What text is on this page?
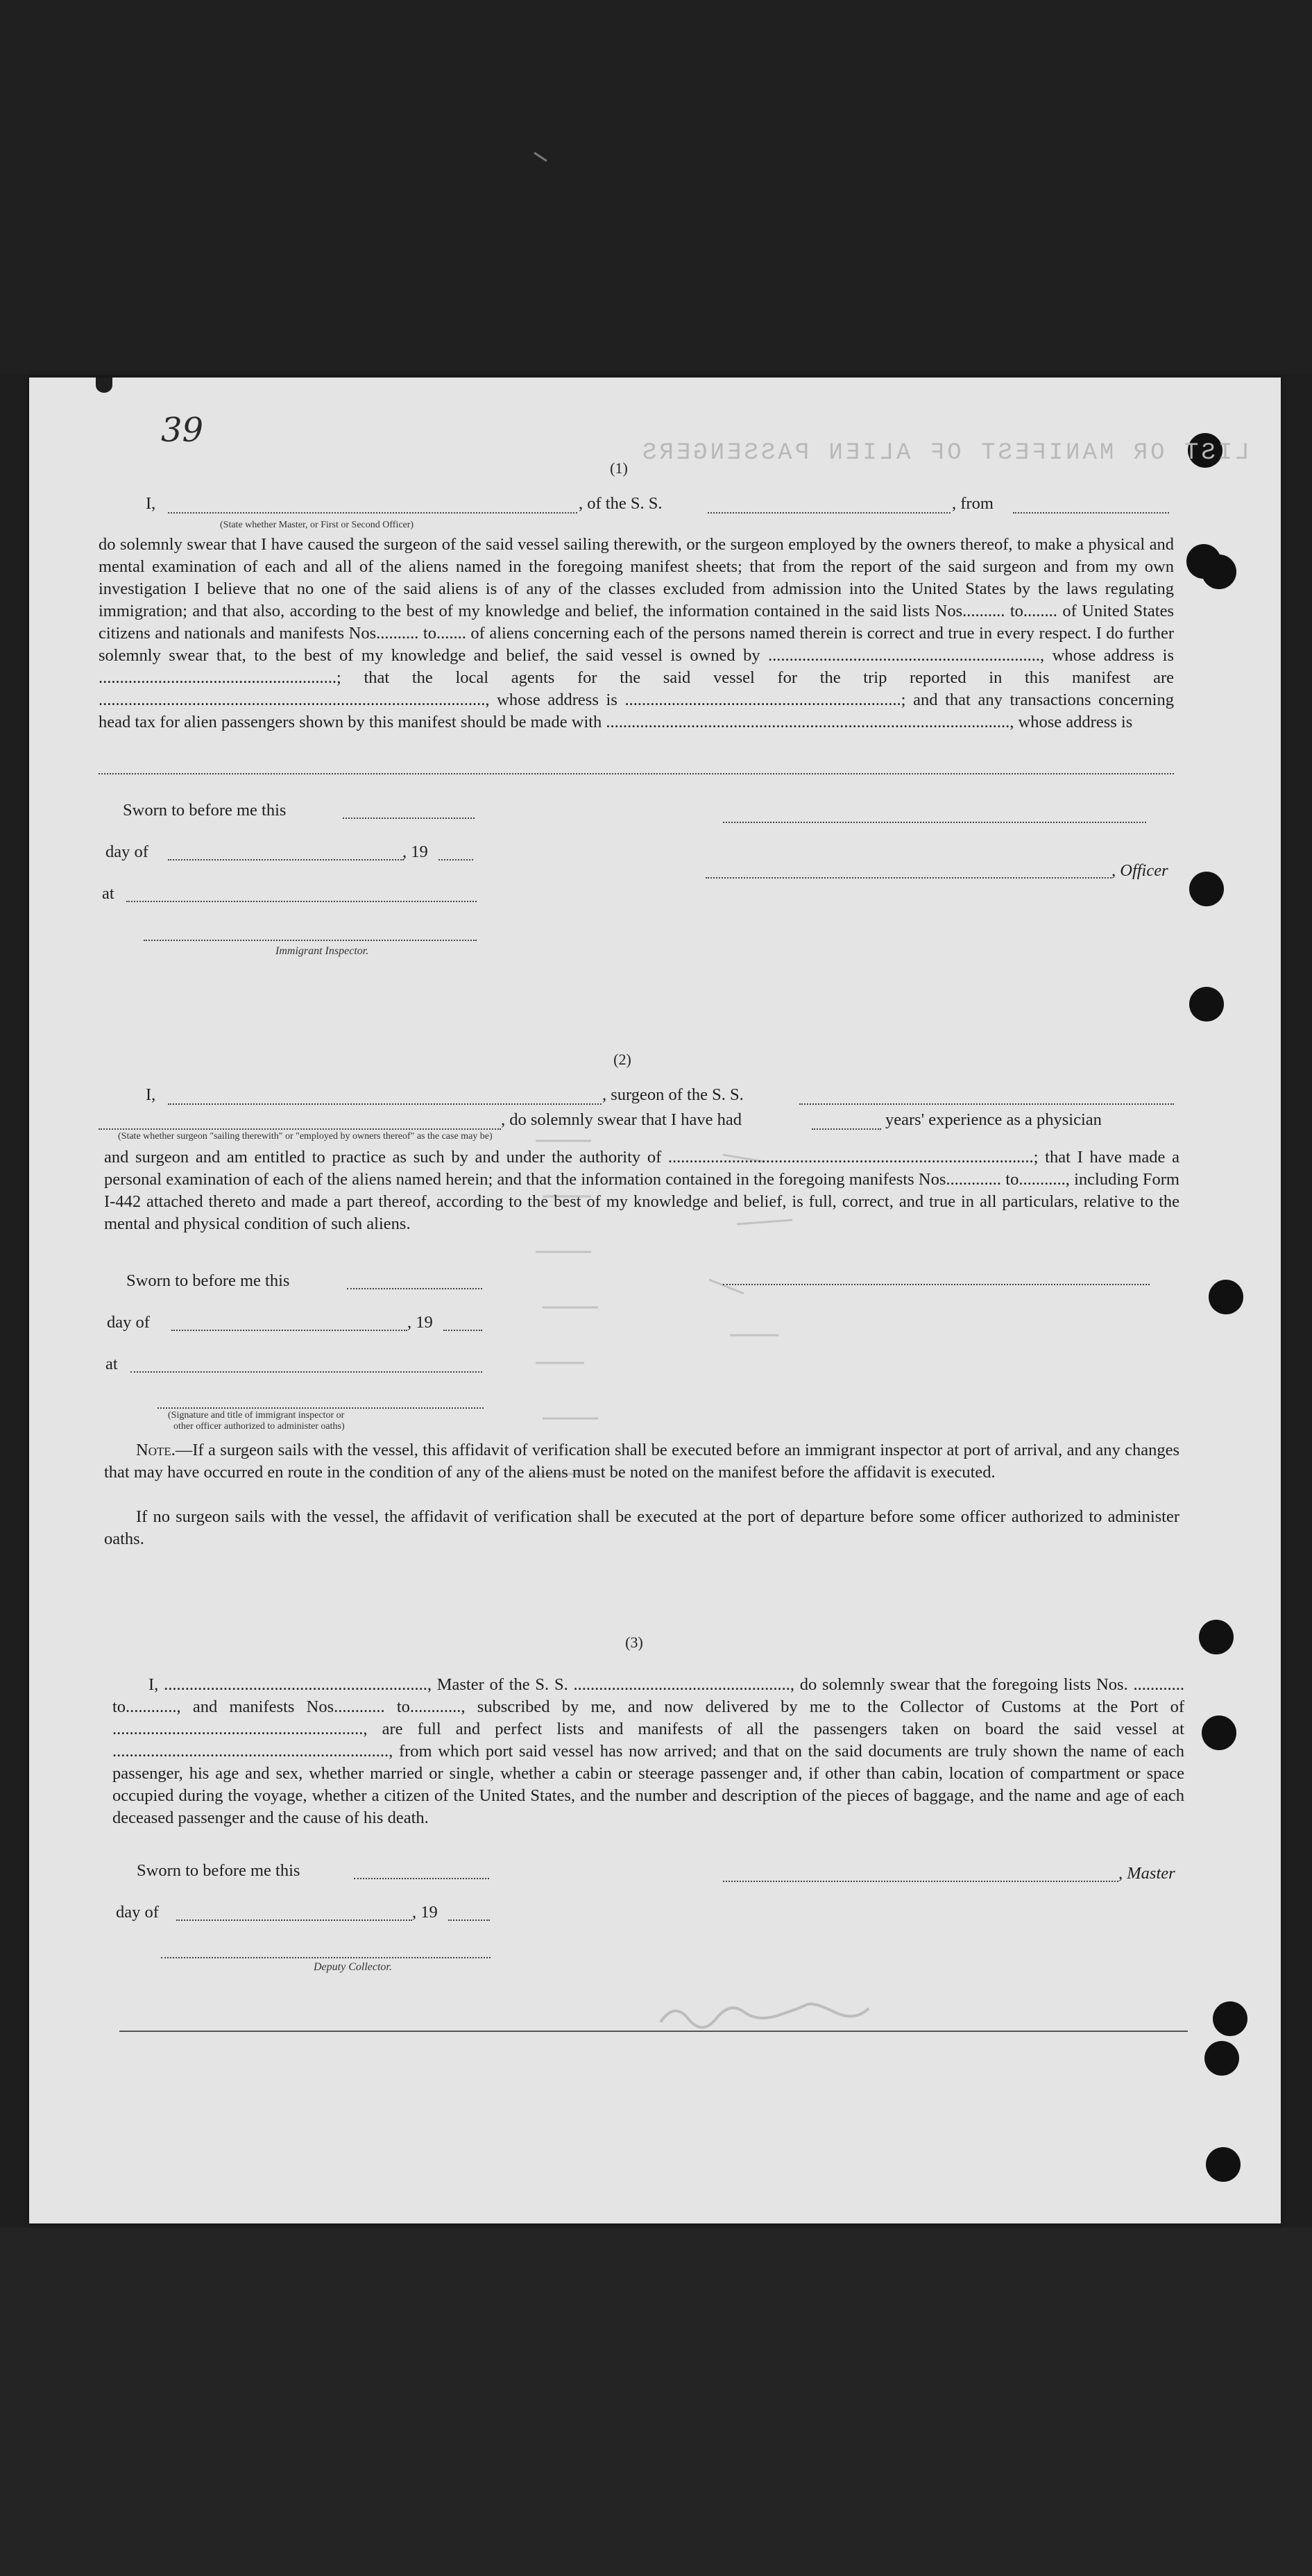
LIST OR MANIFEST OF ALIEN PASSENGERS
39
(1)
I,	, of the S. S.	, from
(State whether Master, or First or Second Officer)
do solemnly swear that I have caused the surgeon of the said vessel sailing therewith, or the surgeon employed by the owners thereof, to make a physical and mental examination of each and all of the aliens named in the foregoing manifest sheets; that from the report of the said surgeon and from my own investigation I believe that no one of the said aliens is of any of the classes excluded from admission into the United States by the laws regulating immigration; and that also, according to the best of my knowledge and belief, the information contained in the said lists Nos.......... to........ of United States citizens and nationals and manifests Nos.......... to....... of aliens concerning each of the persons named therein is correct and true in every respect. I do further solemnly swear that, to the best of my knowledge and belief, the said vessel is owned by ................................................................, whose address is ........................................................; that the local agents for the said vessel for the trip reported in this manifest are ..........................................................................................., whose address is .................................................................; and that any transactions concerning head tax for alien passengers shown by this manifest should be made with ..............................................................................................., whose address is
Sworn to before me this
day of	, 19
at
, Officer
Immigrant Inspector.
(2)
I,	, surgeon of the S. S.
, do solemnly swear that I have had	years' experience as a physician
(State whether surgeon "sailing therewith" or "employed by owners thereof" as the case may be)
and surgeon and am entitled to practice as such by and under the authority of ......................................................................................; that I have made a personal examination of each of the aliens named herein; and that the information contained in the foregoing manifests Nos............. to..........., including Form I-442 attached thereto and made a part thereof, according to the best of my knowledge and belief, is full, correct, and true in all particulars, relative to the mental and physical condition of such aliens.
Sworn to before me this
day of	, 19
at
(Signature and title of immigrant inspector or
other officer authorized to administer oaths)
Note.—If a surgeon sails with the vessel, this affidavit of verification shall be executed before an immigrant inspector at port of arrival, and any changes that may have occurred en route in the condition of any of the aliens must be noted on the manifest before the affidavit is executed.
If no surgeon sails with the vessel, the affidavit of verification shall be executed at the port of departure before some officer authorized to administer oaths.
(3)
I, .............................................................., Master of the S. S. ..................................................., do solemnly swear that the foregoing lists Nos. ............ to............, and manifests Nos............ to............, subscribed by me, and now delivered by me to the Collector of Customs at the Port of ..........................................................., are full and perfect lists and manifests of all the passengers taken on board the said vessel at ................................................................., from which port said vessel has now arrived; and that on the said documents are truly shown the name of each passenger, his age and sex, whether married or single, whether a cabin or steerage passenger and, if other than cabin, location of compartment or space occupied during the voyage, whether a citizen of the United States, and the number and description of the pieces of baggage, and the name and age of each deceased passenger and the cause of his death.
Sworn to before me this
day of	, 19
, Master
Deputy Collector.
